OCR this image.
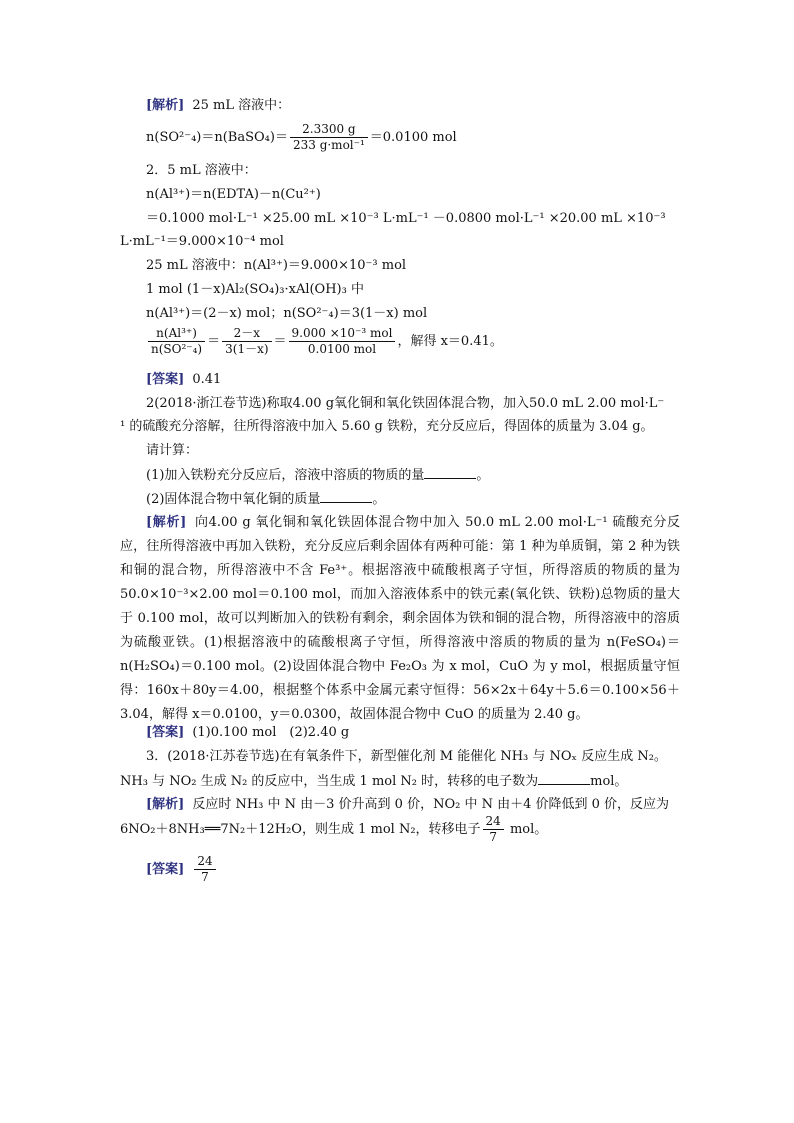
[解析] 25 mL 溶液中：
n(SO²⁻₄)＝n(BaSO₄)＝ $\frac{2.3300 g}{\text{233 g·mol⁻¹}} =0.0100$ mol
2．5 mL 溶液中：
n(Al³⁺)＝n(EDTA)－n(Cu²⁺)
＝0.1000 mol·L⁻¹ ×25.00 mL ×10⁻³ L·mL⁻¹ －0.0800 mol·L⁻¹ ×20.00 mL ×10⁻³
L·mL⁻¹＝9.000×10⁻⁴ mol
25 mL 溶液中：n(Al³⁺)＝9.000×10⁻³ mol
1 mol (1－x)Al₂(SO₄)₃·xAl(OH)₃ 中
n(Al³⁺)＝(2－x) mol；n(SO²⁻₄)＝3(1－x) mol
$\frac{\text{n(Al³⁺)}}{\text{n(SO²⁻₄)}} = \frac{2-x}{3(1-x)} = \frac{\text{9.000 ×10⁻³ mol}}{\text{0.0100 mol}}$ ，解得 x＝0.41。
[答案] 0.41
2(2018·浙江卷节选)称取4.00 g氧化铜和氧化铁固体混合物，加入50.0 mL 2.00 mol·L⁻
¹ 的硫酸充分溶解，往所得溶液中加入 5.60 g 铁粉，充分反应后，得固体的质量为 3.04 g。
请计算：
(1)加入铁粉充分反应后，溶液中溶质的物质的量	。
(2)固体混合物中氧化铜的质量	。
[解析] 向4.00 g 氧化铜和氧化铁固体混合物中加入 50.0 mL 2.00 mol·L⁻¹ 硫酸充分反应，往所得溶液中再加入铁粉，充分反应后剩余固体有两种可能：第 1 种为单质铜，第 2 种为铁和铜的混合物，所得溶液中不含 Fe³⁺。根据溶液中硫酸根离子守恒，所得溶质的物质的量为 50.0×10⁻³×2.00 mol＝0.100 mol，而加入溶液体系中的铁元素(氧化铁、铁粉)总物质的量大于 0.100 mol，故可以判断加入的铁粉有剩余，剩余固体为铁和铜的混合物，所得溶液中的溶质为硫酸亚铁。(1)根据溶液中的硫酸根离子守恒，所得溶液中溶质的物质的量为 n(FeSO₄)＝n(H₂SO₄)＝0.100 mol。(2)设固体混合物中 Fe₂O₃ 为 x mol，CuO 为 y mol，根据质量守恒得：160x＋80y＝4.00，根据整个体系中金属元素守恒得：56×2x＋64y＋5.6＝0.100×56＋3.04，解得 x＝0.0100，y＝0.0300，故固体混合物中 CuO 的质量为 2.40 g。
[答案] (1)0.100 mol　(2)2.40 g
3．(2018·江苏卷节选)在有氧条件下，新型催化剂 M 能催化 NH₃ 与 NOₓ 反应生成 N₂。
NH₃ 与 NO₂ 生成 N₂ 的反应中，当生成 1 mol N₂ 时，转移的电子数为	mol。
[解析] 反应时 NH₃ 中 N 由－3 价升高到 0 价，NO₂ 中 N 由＋4 价降低到 0 价，反应为
6NO₂＋8NH₃══7N₂＋12H₂O，则生成 1 mol N₂，转移电子 $\frac{24}{7}$ mol。
[答案] $\frac{24}{7}$
